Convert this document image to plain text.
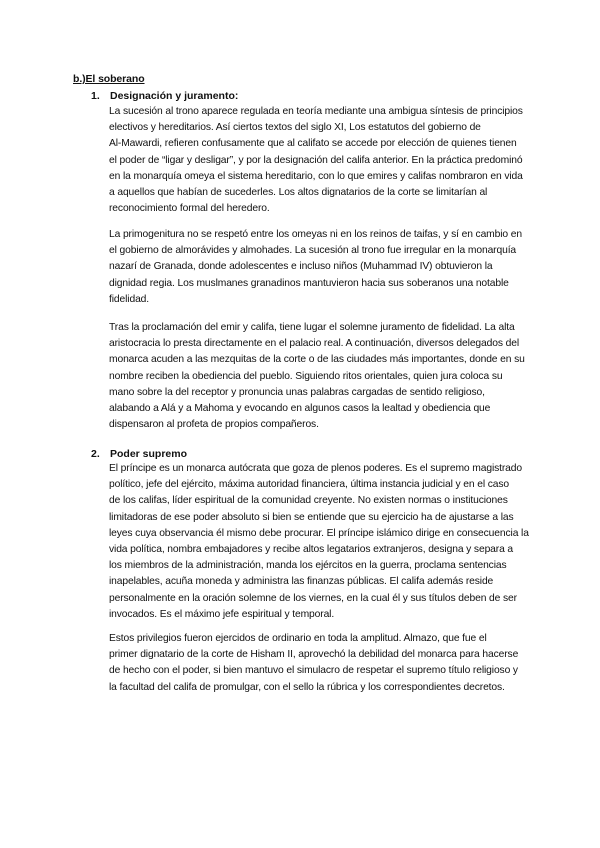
b.)El soberano
1. Designación y juramento:
La sucesión al trono aparece regulada en teoría mediante una ambigua síntesis de principios
electivos y hereditarios. Así ciertos textos del siglo XI, Los estatutos del gobierno de
Al-Mawardi, refieren confusamente que al califato se accede por elección de quienes tienen
el poder de “ligar y desligar”, y por la designación del califa anterior. En la práctica predominó
en la monarquía omeya el sistema hereditario, con lo que emires y califas nombraron en vida
a aquellos que habían de sucederles. Los altos dignatarios de la corte se limitarían al
reconocimiento formal del heredero.
La primogenitura no se respetó entre los omeyas ni en los reinos de taifas, y sí en cambio en
el gobierno de almorávides y almohades. La sucesión al trono fue irregular en la monarquía
nazarí de Granada, donde adolescentes e incluso niños (Muhammad IV) obtuvieron la
dignidad regia. Los muslmanes granadinos mantuvieron hacia sus soberanos una notable
fidelidad.
Tras la proclamación del emir y califa, tiene lugar el solemne juramento de fidelidad. La alta
aristocracia lo presta directamente en el palacio real. A continuación, diversos delegados del
monarca acuden a las mezquitas de la corte o de las ciudades más importantes, donde en su
nombre reciben la obediencia del pueblo. Siguiendo ritos orientales, quien jura coloca su
mano sobre la del receptor y pronuncia unas palabras cargadas de sentido religioso,
alabando a Alá y a Mahoma y evocando en algunos casos la lealtad y obediencia que
dispensaron al profeta de propios compañeros.
2. Poder supremo
El príncipe es un monarca autócrata que goza de plenos poderes. Es el supremo magistrado
político, jefe del ejército, máxima autoridad financiera, última instancia judicial y en el caso
de los califas, líder espiritual de la comunidad creyente. No existen normas o instituciones
limitadoras de ese poder absoluto si bien se entiende que su ejercicio ha de ajustarse a las
leyes cuya observancia él mismo debe procurar. El príncipe islámico dirige en consecuencia la
vida política, nombra embajadores y recibe altos legatarios extranjeros, designa y separa a
los miembros de la administración, manda los ejércitos en la guerra, proclama sentencias
inapelables, acuña moneda y administra las finanzas públicas. El califa además reside
personalmente en la oración solemne de los viernes, en la cual él y sus títulos deben de ser
invocados. Es el máximo jefe espiritual y temporal.
Estos privilegios fueron ejercidos de ordinario en toda la amplitud. Almazo, que fue el
primer dignatario de la corte de Hisham II, aprovechó la debilidad del monarca para hacerse
de hecho con el poder, si bien mantuvo el simulacro de respetar el supremo título religioso y
la facultad del califa de promulgar, con el sello la rúbrica y los correspondientes decretos.
